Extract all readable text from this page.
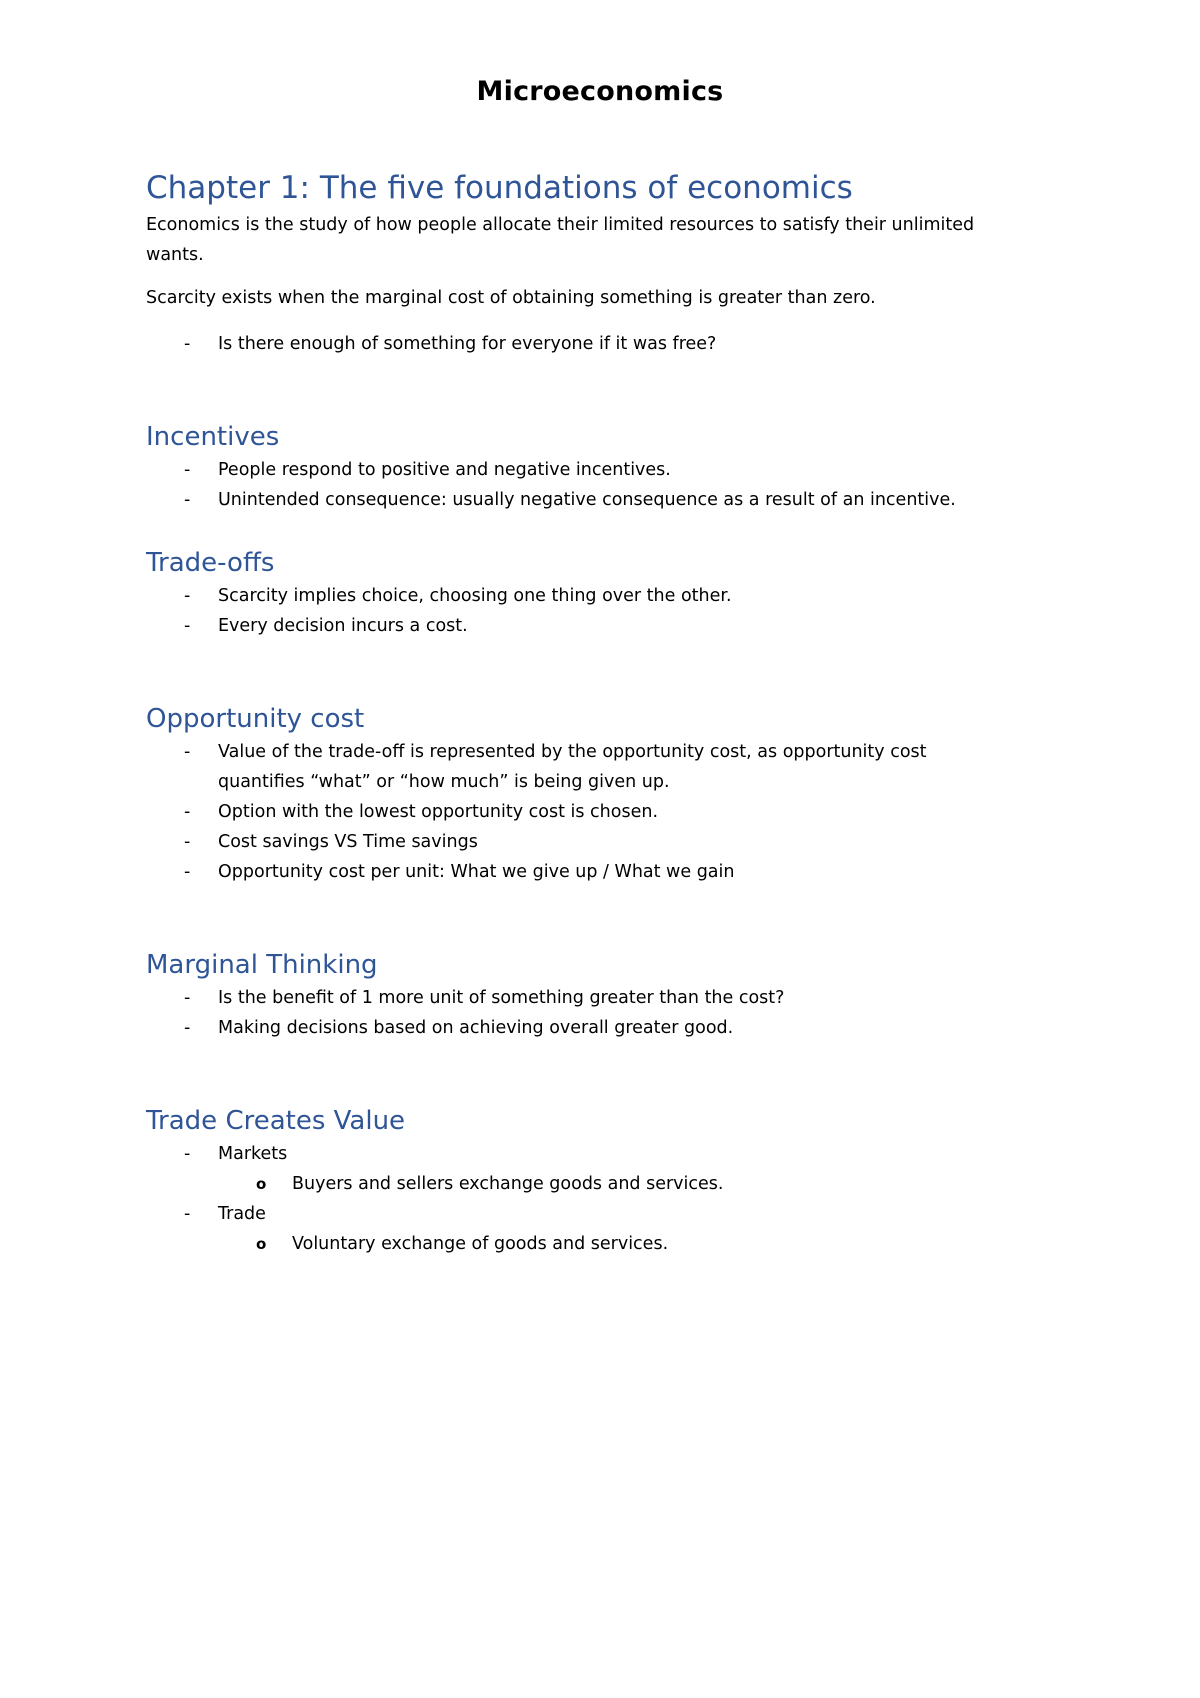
Microeconomics
Chapter 1: The five foundations of economics

Economics is the study of how people allocate their limited resources to satisfy their unlimited wants.

Scarcity exists when the marginal cost of obtaining something is greater than zero.

- Is there enough of something for everyone if it was free?
Incentives
- People respond to positive and negative incentives.
- Unintended consequence: usually negative consequence as a result of an incentive.
Trade-offs
- Scarcity implies choice, choosing one thing over the other.
- Every decision incurs a cost.
Opportunity cost
- Value of the trade-off is represented by the opportunity cost, as opportunity cost quantifies “what” or “how much” is being given up.
- Option with the lowest opportunity cost is chosen.
- Cost savings VS Time savings
- Opportunity cost per unit: What we give up / What we gain
Marginal Thinking
- Is the benefit of 1 more unit of something greater than the cost?
- Making decisions based on achieving overall greater good.
Trade Creates Value
- Markets
o Buyers and sellers exchange goods and services.
- Trade
o Voluntary exchange of goods and services.
